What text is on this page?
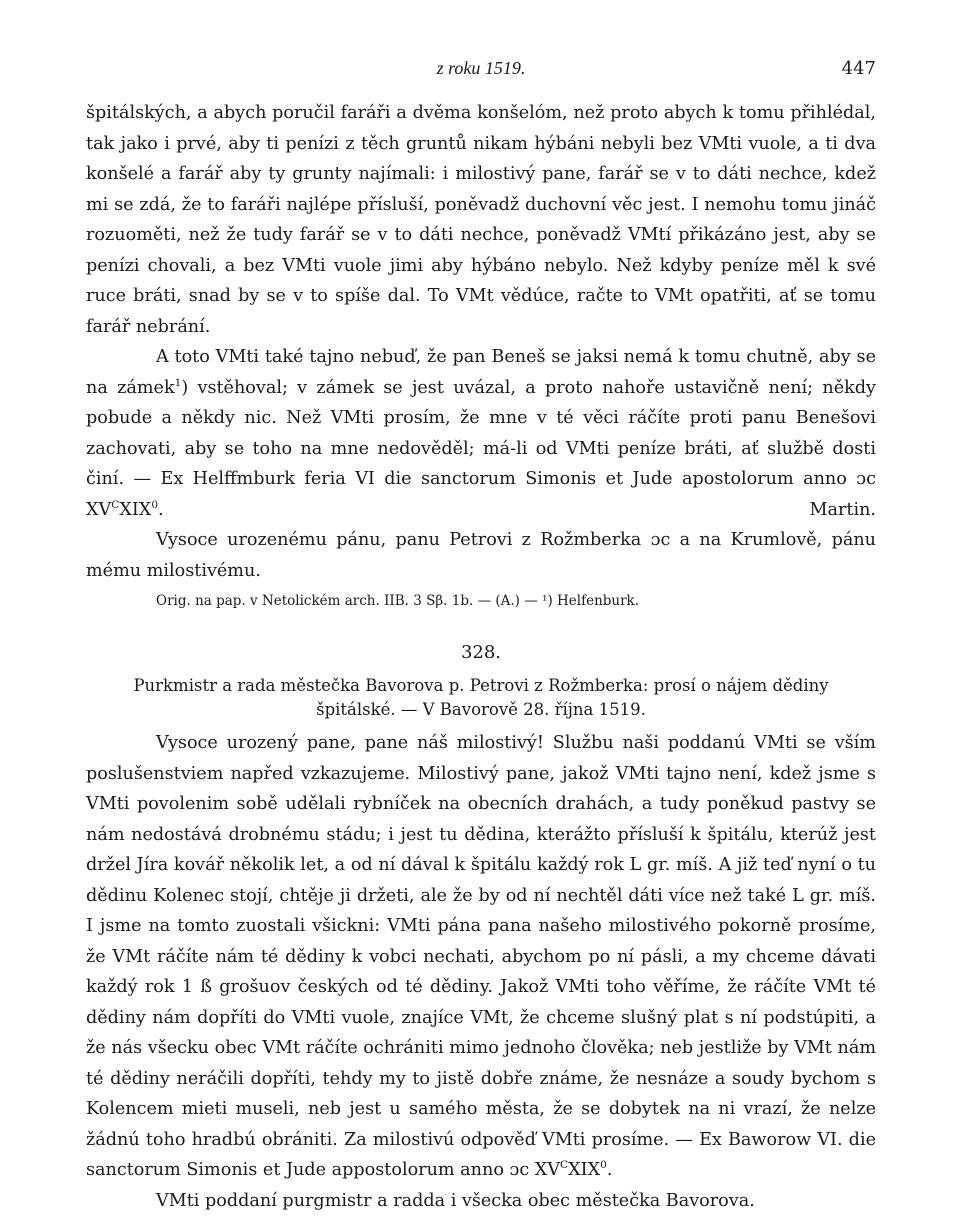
z roku 1519.	447

špitálských, a abych poručil faráři a dvěma konšelóm, než proto abych k tomu přihlédal, tak jako i prvé, aby ti penízi z těch gruntů nikam hýbáni nebyli bez VMti vuole, a ti dva konšelé a farář aby ty grunty najímali: i milostivý pane, farář se v to dáti nechce, kdež mi se zdá, že to faráři najlépe přísluší, poněvadž duchovní věc jest. I nemohu tomu jináč rozuoměti, než že tudy farář se v to dáti nechce, poněvadž VMtí přikázáno jest, aby se penízi chovali, a bez VMti vuole jimi aby hýbáno nebylo. Než kdyby peníze měl k své ruce bráti, snad by se v to spíše dal. To VMt vědúce, račte to VMt opatřiti, ať se tomu farář nebrání.

A toto VMti také tajno nebuď, že pan Beneš se jaksi nemá k tomu chutně, aby se na zámek$^1$) vstěhoval; v zámek se jest uvázal, a proto nahoře ustavičně není; někdy pobude a někdy nic. Než VMti prosím, že mne v té věci ráčíte proti panu Benešovi zachovati, aby se toho na mne nedověděl; má-li od VMti peníze bráti, ať službě dosti činí. — Ex Helffmburk feria VI die sanctorum Simonis et Jude apostolorum anno ɔc $XV^CXIX^0$.	Martin.

Vysoce urozenému pánu, panu Petrovi z Rožmberka ɔc a na Krumlově, pánu mému milostivému.

Orig. na pap. v Netolickém arch. IIB. 3 Sβ. 1b. — (A.) — ¹) Helfenburk.
328.
Purkmistr a rada městečka Bavorova p. Petrovi z Rožmberka: prosí o nájem dědiny špitálské. — V Bavorově 28. října 1519.

Vysoce urozený pane, pane náš milostivý! Službu naši poddanú VMti se vším poslušenstviem napřed vzkazujeme. Milostivý pane, jakož VMti tajno není, kdež jsme s VMti povolenim sobě udělali rybníček na obecních drahách, a tudy poněkud pastvy se nám nedostává drobnému stádu; i jest tu dědina, kterážto přísluší k špitálu, kterúž jest držel Jíra kovář několik let, a od ní dával k špitálu každý rok L gr. míš. A již teď nyní o tu dědinu Kolenec stojí, chtěje ji držeti, ale že by od ní nechtěl dáti více než také L gr. míš. I jsme na tomto zuostali všickni: VMti pána pana našeho milostivého pokorně prosíme, že VMt ráčíte nám té dědiny k vobci nechati, abychom po ní pásli, a my chceme dávati každý rok 1 ß grošuov českých od té dědiny. Jakož VMti toho věříme, že ráčíte VMt té dědiny nám dopříti do VMti vuole, znajíce VMt, že chceme slušný plat s ní podstúpiti, a že nás všecku obec VMt ráčíte ochrániti mimo jednoho člověka; neb jestliže by VMt nám té dědiny neráčili dopříti, tehdy my to jistě dobře známe, že nesnáze a soudy bychom s Kolencem mieti museli, neb jest u samého města, že se dobytek na ni vrazí, že nelze žádnú toho hradbú obrániti. Za milostivú odpověď VMti prosíme. — Ex Baworow VI. die sanctorum Simonis et Jude appostolorum anno ɔc $XV^CXIX^0$.

VMti poddaní purgmistr a radda i všecka obec městečka Bavorova.
